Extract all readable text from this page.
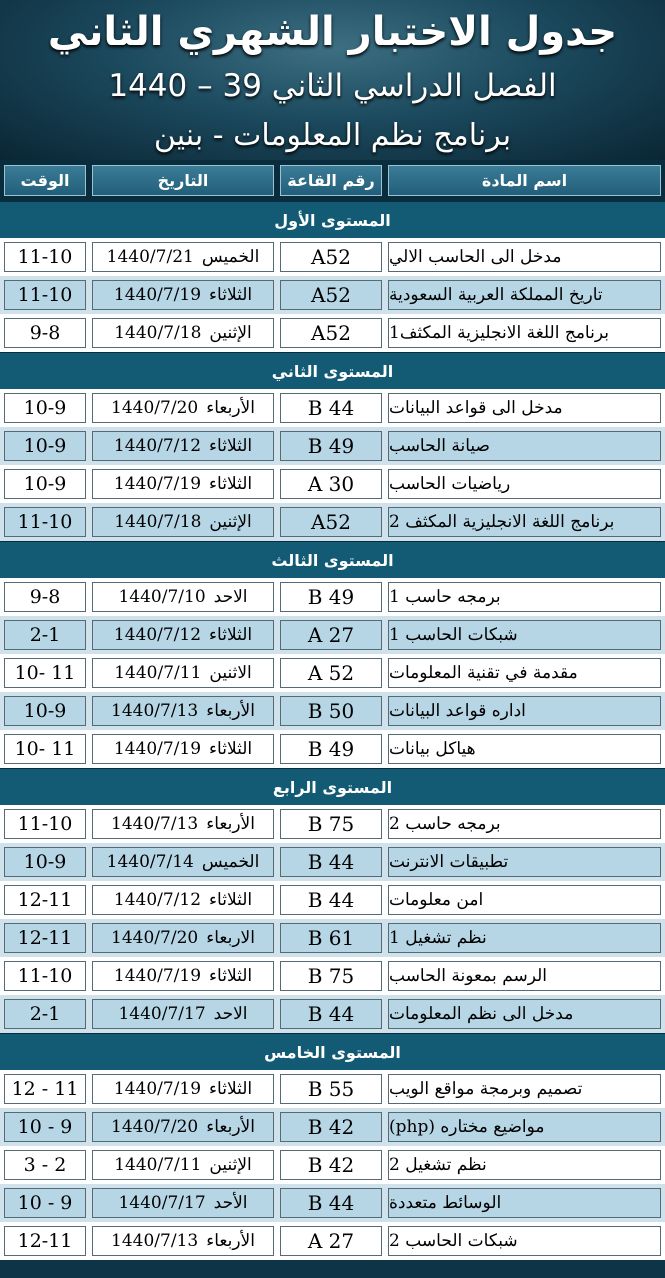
جدول الاختبار الشهري الثاني
الفصل الدراسي الثاني 39 – 1440
برنامج نظم المعلومات - بنين
اسم المادة
رقم القاعة
التاريخ
الوقت
المستوى الأول
مدخل الى الحاسب الالي
A52
الخميس
1440/7/21
11-10
تاريخ المملكة العربية السعودية
A52
الثلاثاء
1440/7/19
11-10
برنامج اللغة الانجليزية المكثف1
A52
الإثنين
1440/7/18
9-8
المستوى الثاني
مدخل الى قواعد البيانات
B 44
الأربعاء
1440/7/20
10-9
صيانة الحاسب
B 49
الثلاثاء
1440/7/12
10-9
رياضيات الحاسب
A 30
الثلاثاء
1440/7/19
10-9
برنامج اللغة الانجليزية المكثف 2
A52
الإثنين
1440/7/18
11-10
المستوى الثالث
برمجه حاسب 1
B 49
الاحد
1440/7/10
9-8
شبكات الحاسب 1
A 27
الثلاثاء
1440/7/12
2-1
مقدمة في تقنية المعلومات
A 52
الاثنين
1440/7/11
10- 11
اداره قواعد البيانات
B 50
الأربعاء
1440/7/13
10-9
هياكل بيانات
B 49
الثلاثاء
1440/7/19
10- 11
المستوى الرابع
برمجه حاسب 2
B 75
الأربعاء
1440/7/13
11-10
تطبيقات الانترنت
B 44
الخميس
1440/7/14
10-9
امن معلومات
B 44
الثلاثاء
1440/7/12
12-11
نظم تشغيل 1
B 61
الاربعاء
1440/7/20
12-11
الرسم بمعونة الحاسب
B 75
الثلاثاء
1440/7/19
11-10
مدخل الى نظم المعلومات
B 44
الاحد
1440/7/17
2-1
المستوى الخامس
تصميم وبرمجة مواقع الويب
B 55
الثلاثاء
1440/7/19
12 - 11
مواضيع مختاره (php)
B 42
الأربعاء
1440/7/20
10 - 9
نظم تشغيل 2
B 42
الإثنين
1440/7/11
3 - 2
الوسائط متعددة
B 44
الأحد
1440/7/17
10 - 9
شبكات الحاسب 2
A 27
الأربعاء
1440/7/13
12-11
